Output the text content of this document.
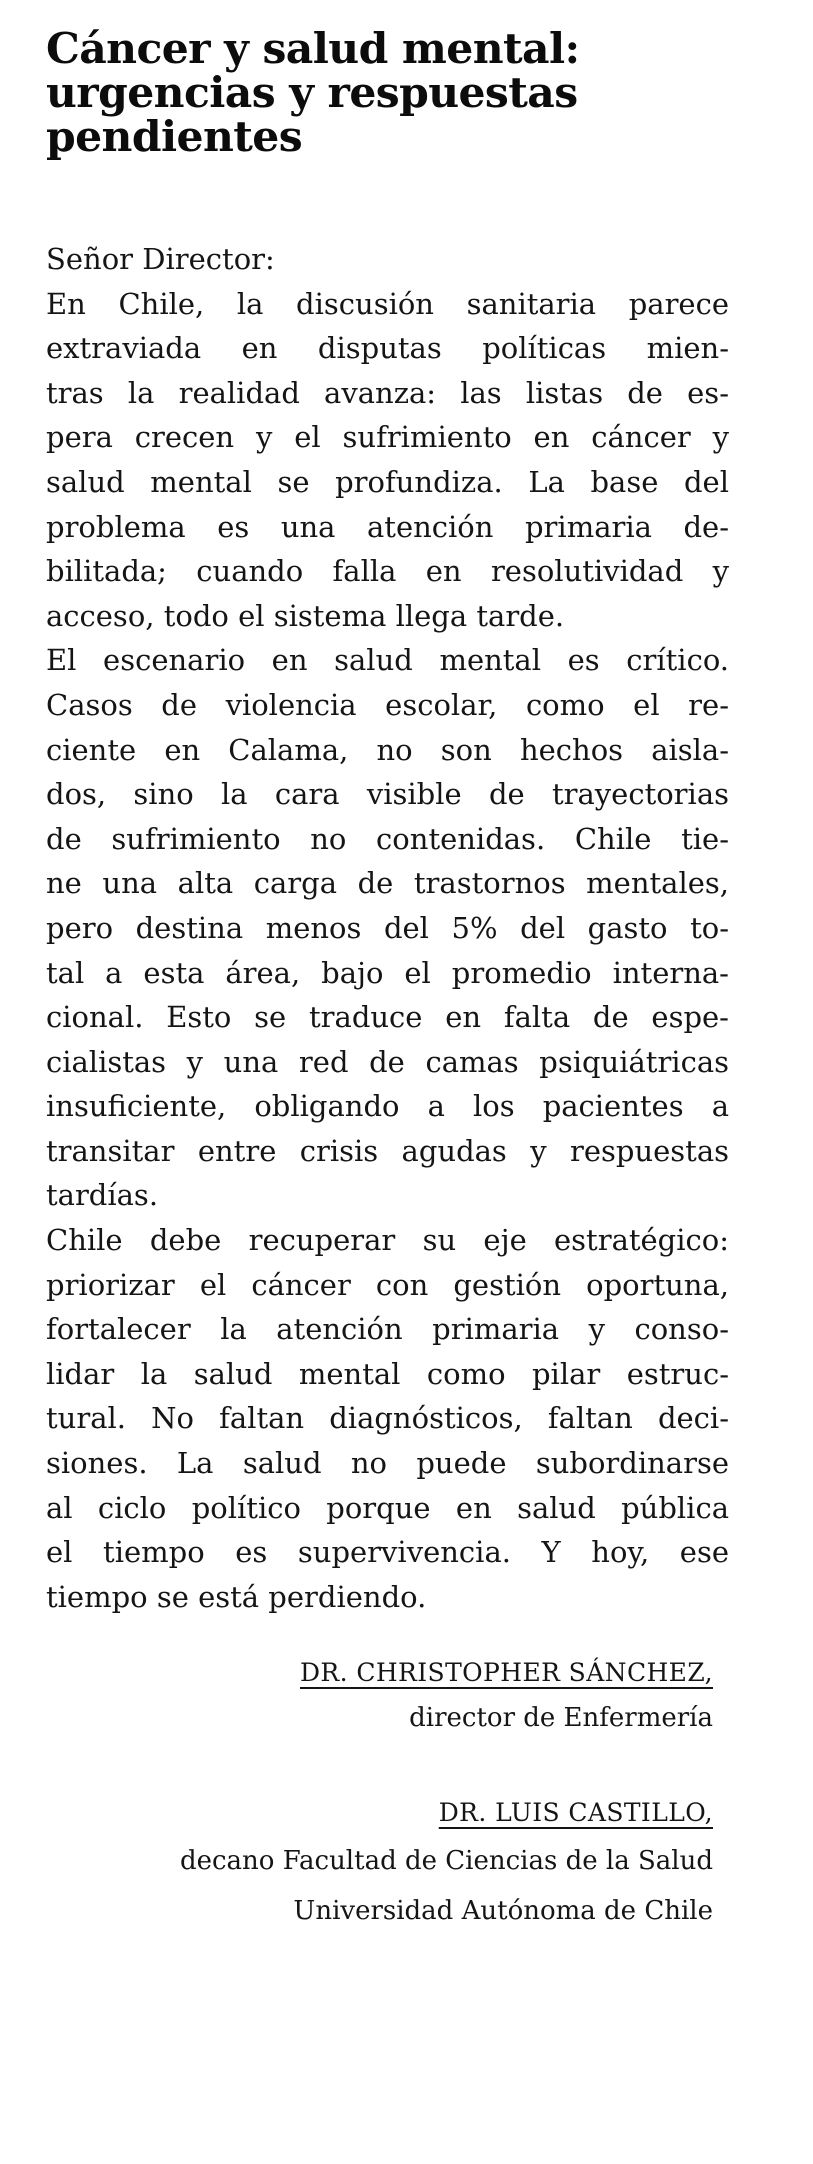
Cáncer y salud mental:
urgencias y respuestas
pendientes
Señor Director:
En Chile, la discusión sanitaria parece
extraviada en disputas políticas mien-
tras la realidad avanza: las listas de es-
pera crecen y el sufrimiento en cáncer y
salud mental se profundiza. La base del
problema es una atención primaria de-
bilitada; cuando falla en resolutividad y
acceso, todo el sistema llega tarde.
El escenario en salud mental es crítico.
Casos de violencia escolar, como el re-
ciente en Calama, no son hechos aisla-
dos, sino la cara visible de trayectorias
de sufrimiento no contenidas. Chile tie-
ne una alta carga de trastornos mentales,
pero destina menos del 5% del gasto to-
tal a esta área, bajo el promedio interna-
cional. Esto se traduce en falta de espe-
cialistas y una red de camas psiquiátricas
insuficiente, obligando a los pacientes a
transitar entre crisis agudas y respuestas
tardías.
Chile debe recuperar su eje estratégico:
priorizar el cáncer con gestión oportuna,
fortalecer la atención primaria y conso-
lidar la salud mental como pilar estruc-
tural. No faltan diagnósticos, faltan deci-
siones. La salud no puede subordinarse
al ciclo político porque en salud pública
el tiempo es supervivencia. Y hoy, ese
tiempo se está perdiendo.
DR. CHRISTOPHER SÁNCHEZ,
director de Enfermería
DR. LUIS CASTILLO,
decano Facultad de Ciencias de la Salud
Universidad Autónoma de Chile
